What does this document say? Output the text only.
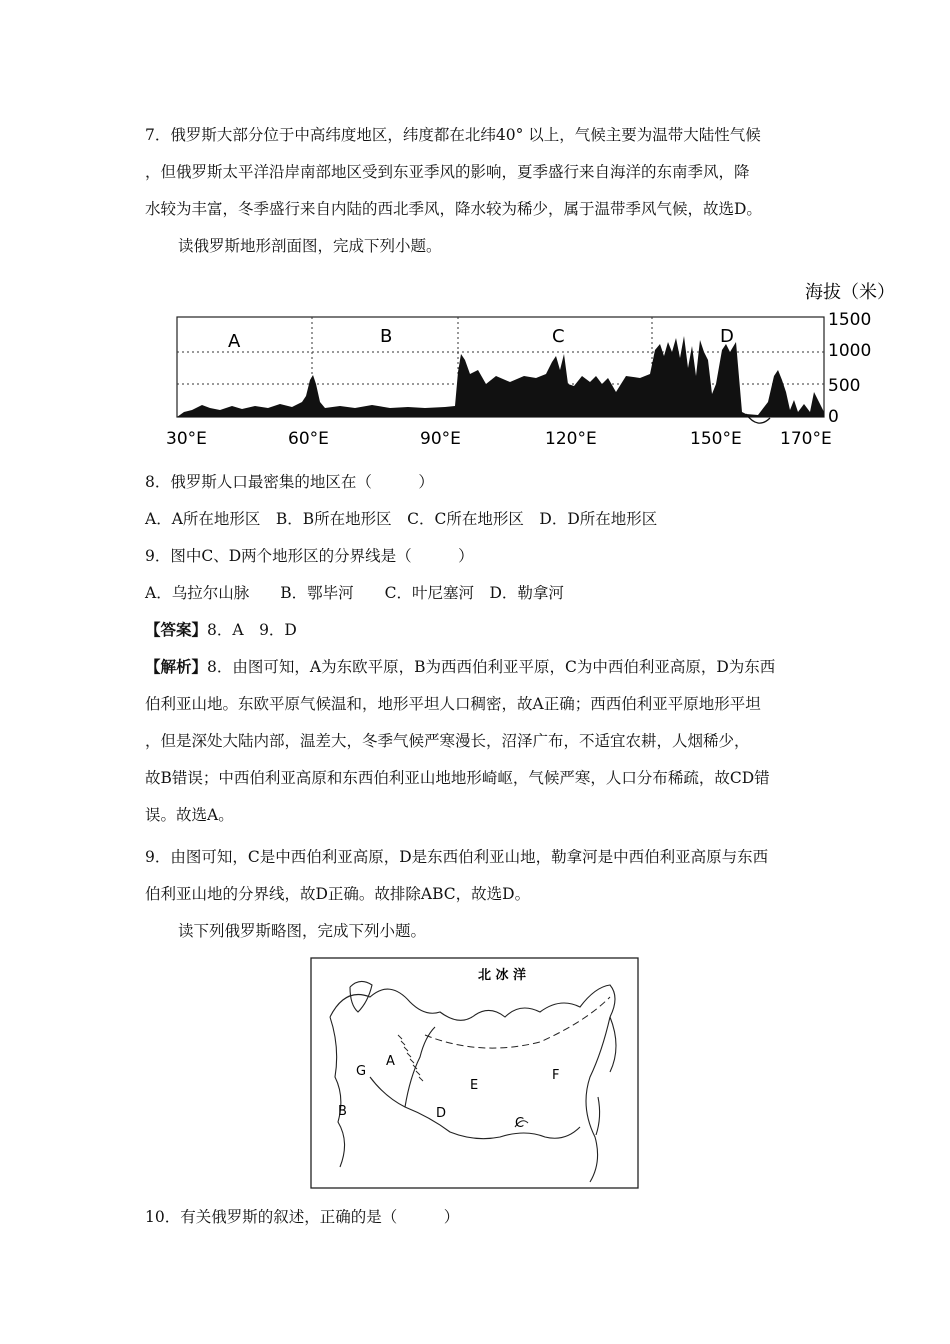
7．俄罗斯大部分位于中高纬度地区，纬度都在北纬40° 以上，气候主要为温带大陆性气候
，但俄罗斯太平洋沿岸南部地区受到东亚季风的影响，夏季盛行来自海洋的东南季风，降
水较为丰富，冬季盛行来自内陆的西北季风，降水较为稀少，属于温带季风气候，故选D。
读俄罗斯地形剖面图，完成下列小题。
海拔（米）
A	B	C	D
1500
1000
500
0
30°E	60°E	90°E	120°E	150°E 170°E
8．俄罗斯人口最密集的地区在（　　　）
A．A所在地形区　B．B所在地形区　C．C所在地形区　D．D所在地形区
9．图中C、D两个地形区的分界线是（　　　）
A．乌拉尔山脉　　B．鄂毕河　　C．叶尼塞河　D．勒拿河
【答案】8．A　9．D
【解析】8．由图可知，A为东欧平原，B为西西伯利亚平原，C为中西伯利亚高原，D为东西
伯利亚山地。东欧平原气候温和，地形平坦人口稠密，故A正确；西西伯利亚平原地形平坦
，但是深处大陆内部，温差大，冬季气候严寒漫长，沼泽广布，不适宜农耕，人烟稀少，
故B错误；中西伯利亚高原和东西伯利亚山地地形崎岖，气候严寒，人口分布稀疏，故CD错
误。故选A。
9．由图可知，C是中西伯利亚高原，D是东西伯利亚山地，勒拿河是中西伯利亚高原与东西
伯利亚山地的分界线，故D正确。故排除ABC，故选D。
读下列俄罗斯略图，完成下列小题。
北 冰 洋
A
B
C
D
E
F
G
10．有关俄罗斯的叙述，正确的是（　　　）
